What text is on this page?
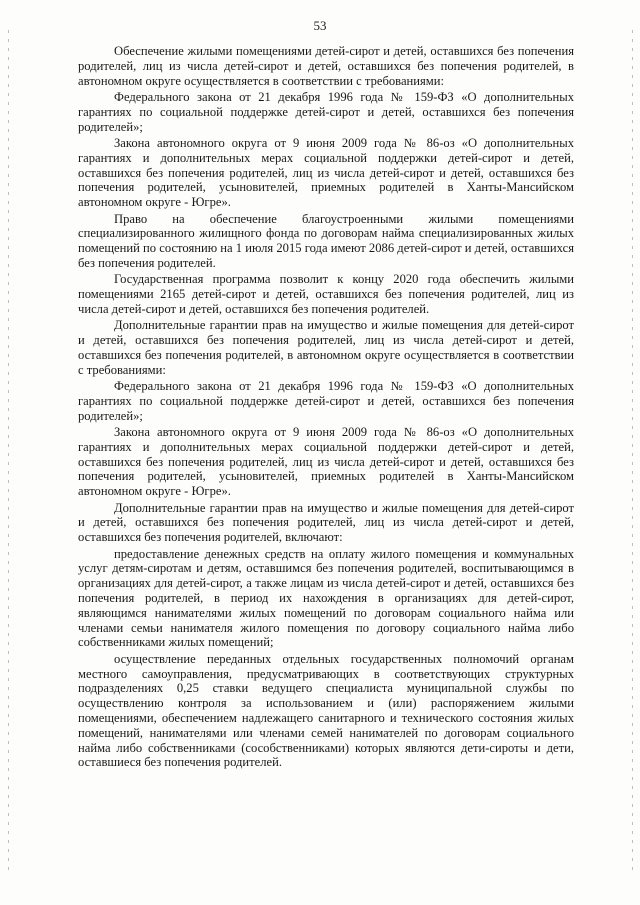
53

Обеспечение жилыми помещениями детей-сирот и детей, оставшихся без попечения родителей, лиц из числа детей-сирот и детей, оставшихся без попечения родителей, в автономном округе осуществляется в соответствии с требованиями:

Федерального закона от 21 декабря 1996 года № 159-ФЗ «О дополнительных гарантиях по социальной поддержке детей-сирот и детей, оставшихся без попечения родителей»;

Закона автономного округа от 9 июня 2009 года № 86-оз «О дополнительных гарантиях и дополнительных мерах социальной поддержки детей-сирот и детей, оставшихся без попечения родителей, лиц из числа детей-сирот и детей, оставшихся без попечения родителей, усыновителей, приемных родителей в Ханты-Мансийском автономном округе - Югре».

Право на обеспечение благоустроенными жилыми помещениями специализированного жилищного фонда по договорам найма специализированных жилых помещений по состоянию на 1 июля 2015 года имеют 2086 детей-сирот и детей, оставшихся без попечения родителей.

Государственная программа позволит к концу 2020 года обеспечить жилыми помещениями 2165 детей-сирот и детей, оставшихся без попечения родителей, лиц из числа детей-сирот и детей, оставшихся без попечения родителей.

Дополнительные гарантии прав на имущество и жилые помещения для детей-сирот и детей, оставшихся без попечения родителей, лиц из числа детей-сирот и детей, оставшихся без попечения родителей, в автономном округе осуществляется в соответствии с требованиями:

Федерального закона от 21 декабря 1996 года № 159-ФЗ «О дополнительных гарантиях по социальной поддержке детей-сирот и детей, оставшихся без попечения родителей»;

Закона автономного округа от 9 июня 2009 года № 86-оз «О дополнительных гарантиях и дополнительных мерах социальной поддержки детей-сирот и детей, оставшихся без попечения родителей, лиц из числа детей-сирот и детей, оставшихся без попечения родителей, усыновителей, приемных родителей в Ханты-Мансийском автономном округе - Югре».

Дополнительные гарантии прав на имущество и жилые помещения для детей-сирот и детей, оставшихся без попечения родителей, лиц из числа детей-сирот и детей, оставшихся без попечения родителей, включают:

предоставление денежных средств на оплату жилого помещения и коммунальных услуг детям-сиротам и детям, оставшимся без попечения родителей, воспитывающимся в организациях для детей-сирот, а также лицам из числа детей-сирот и детей, оставшихся без попечения родителей, в период их нахождения в организациях для детей-сирот, являющимся нанимателями жилых помещений по договорам социального найма или членами семьи нанимателя жилого помещения по договору социального найма либо собственниками жилых помещений;

осуществление переданных отдельных государственных полномочий органам местного самоуправления, предусматривающих в соответствующих структурных подразделениях 0,25 ставки ведущего специалиста муниципальной службы по осуществлению контроля за использованием и (или) распоряжением жилыми помещениями, обеспечением надлежащего санитарного и технического состояния жилых помещений, нанимателями или членами семей нанимателей по договорам социального найма либо собственниками (сособственниками) которых являются дети-сироты и дети, оставшиеся без попечения родителей.
